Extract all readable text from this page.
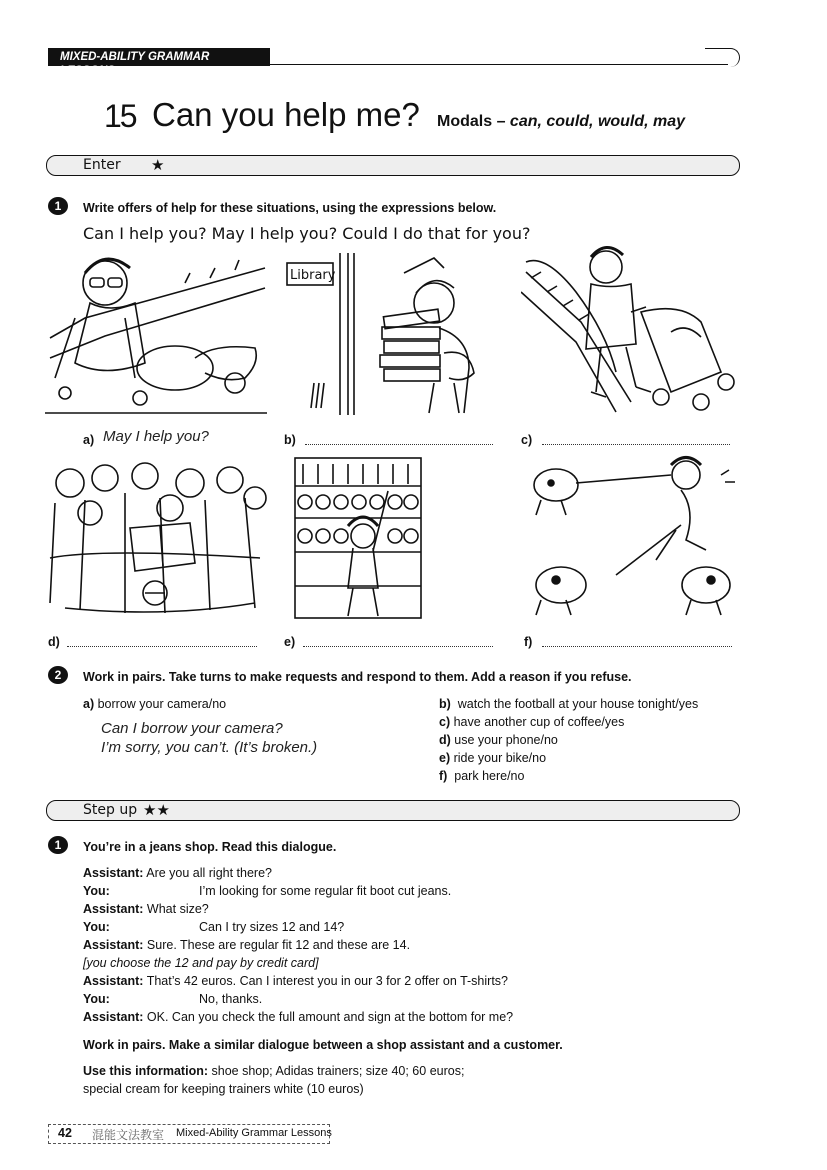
MIXED-ABILITY GRAMMAR LESSONS
15 Can you help me? Modals – can, could, would, may
Enter ★
1	Write offers of help for these situations, using the expressions below.
Can I help you? May I help you? Could I do that for you?
Library
a) May I help you?	b)	c)
d)	e)	f)
2	Work in pairs. Take turns to make requests and respond to them. Add a reason if you refuse.
a) borrow your camera/no
Can I borrow your camera?
I’m sorry, you can’t. (It’s broken.)
b) watch the football at your house tonight/yes
c) have another cup of coffee/yes
d) use your phone/no
e) ride your bike/no
f) park here/no
Step up ★★
1	You’re in a jeans shop. Read this dialogue.
Assistant: Are you all right there?
You:	I’m looking for some regular fit boot cut jeans.
Assistant: What size?
You:	Can I try sizes 12 and 14?
Assistant: Sure. These are regular fit 12 and these are 14.
[you choose the 12 and pay by credit card]
Assistant: That’s 42 euros. Can I interest you in our 3 for 2 offer on T-shirts?
You:	No, thanks.
Assistant: OK. Can you check the full amount and sign at the bottom for me?
Work in pairs. Make a similar dialogue between a shop assistant and a customer.
Use this information: shoe shop; Adidas trainers; size 40; 60 euros;
special cream for keeping trainers white (10 euros)
42 混能文法教室 Mixed-Ability Grammar Lessons
